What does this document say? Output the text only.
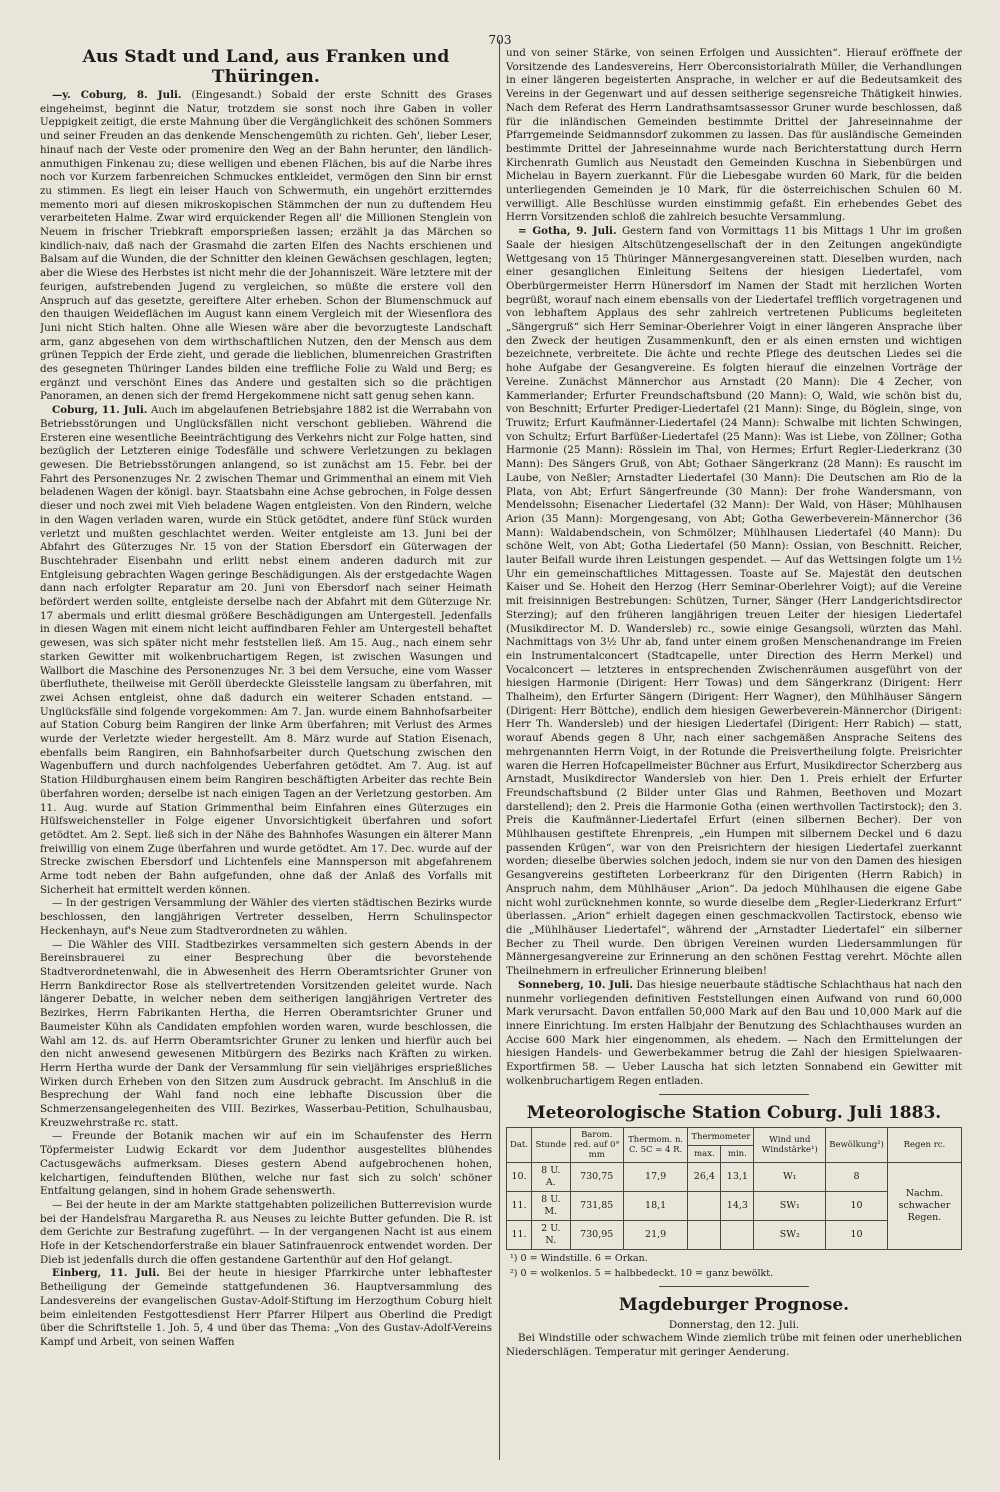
703
Aus Stadt und Land, aus Franken und Thüringen.

—y. Coburg, 8. Juli. (Eingesandt.) Sobald der erste Schnitt des Grases eingeheimst, beginnt die Natur, trotzdem sie sonst noch ihre Gaben in voller Ueppigkeit zeitigt, die erste Mahnung über die Vergänglichkeit des schönen Sommers und seiner Freuden an das denkende Menschengemüth zu richten. Geh', lieber Leser, hinauf nach der Veste oder promenire den Weg an der Bahn herunter, den ländlich-anmuthigen Finkenau zu; diese welligen und ebenen Flächen, bis auf die Narbe ihres noch vor Kurzem farbenreichen Schmuckes entkleidet, vermögen den Sinn bir ernst zu stimmen. Es liegt ein leiser Hauch von Schwermuth, ein ungehört erzitterndes memento mori auf diesen mikroskopischen Stämmchen der nun zu duftendem Heu verarbeiteten Halme. Zwar wird erquickender Regen all' die Millionen Stenglein von Neuem in frischer Triebkraft emporsprießen lassen; erzählt ja das Märchen so kindlich-naiv, daß nach der Grasmahd die zarten Elfen des Nachts erschienen und Balsam auf die Wunden, die der Schnitter den kleinen Gewächsen geschlagen, legten; aber die Wiese des Herbstes ist nicht mehr die der Johanniszeit. Wäre letztere mit der feurigen, aufstrebenden Jugend zu vergleichen, so müßte die erstere voll den Anspruch auf das gesetzte, gereiftere Alter erheben. Schon der Blumenschmuck auf den thauigen Weideflächen im August kann einem Vergleich mit der Wiesenflora des Juni nicht Stich halten. Ohne alle Wiesen wäre aber die bevorzugteste Landschaft arm, ganz abgesehen von dem wirthschaftlichen Nutzen, den der Mensch aus dem grünen Teppich der Erde zieht, und gerade die lieblichen, blumenreichen Grastriften des gesegneten Thüringer Landes bilden eine treffliche Folie zu Wald und Berg; es ergänzt und verschönt Eines das Andere und gestalten sich so die prächtigen Panoramen, an denen sich der fremd Hergekommene nicht satt genug sehen kann.

Coburg, 11. Juli. Auch im abgelaufenen Betriebsjahre 1882 ist die Werrabahn von Betriebsstörungen und Unglücksfällen nicht verschont geblieben. Während die Ersteren eine wesentliche Beeinträchtigung des Verkehrs nicht zur Folge hatten, sind bezüglich der Letzteren einige Todesfälle und schwere Verletzungen zu beklagen gewesen. Die Betriebsstörungen anlangend, so ist zunächst am 15. Febr. bei der Fahrt des Personenzuges Nr. 2 zwischen Themar und Grimmenthal an einem mit Vieh beladenen Wagen der königl. bayr. Staatsbahn eine Achse gebrochen, in Folge dessen dieser und noch zwei mit Vieh beladene Wagen entgleisten. Von den Rindern, welche in den Wagen verladen waren, wurde ein Stück getödtet, andere fünf Stück wurden verletzt und mußten geschlachtet werden. Weiter entgleiste am 13. Juni bei der Abfahrt des Güterzuges Nr. 15 von der Station Ebersdorf ein Güterwagen der Buschtehrader Eisenbahn und erlitt nebst einem anderen dadurch mit zur Entgleisung gebrachten Wagen geringe Beschädigungen. Als der erstgedachte Wagen dann nach erfolgter Reparatur am 20. Juni von Ebersdorf nach seiner Heimath befördert werden sollte, entgleiste derselbe nach der Abfahrt mit dem Güterzuge Nr. 17 abermals und erlitt diesmal größere Beschädigungen am Untergestell. Jedenfalls in diesen Wagen mit einem nicht leicht auffindbaren Fehler am Untergestell behaftet gewesen, was sich später nicht mehr feststellen ließ. Am 15. Aug., nach einem sehr starken Gewitter mit wolkenbruchartigem Regen, ist zwischen Wasungen und Wallbort die Maschine des Personenzuges Nr. 3 bei dem Versuche, eine vom Wasser überfluthete, theilweise mit Geröll überdeckte Gleisstelle langsam zu überfahren, mit zwei Achsen entgleist, ohne daß dadurch ein weiterer Schaden entstand. — Unglücksfälle sind folgende vorgekommen: Am 7. Jan. wurde einem Bahnhofsarbeiter auf Station Coburg beim Rangiren der linke Arm überfahren; mit Verlust des Armes wurde der Verletzte wieder hergestellt. Am 8. März wurde auf Station Eisenach, ebenfalls beim Rangiren, ein Bahnhofsarbeiter durch Quetschung zwischen den Wagenbuffern und durch nachfolgendes Ueberfahren getödtet. Am 7. Aug. ist auf Station Hildburghausen einem beim Rangiren beschäftigten Arbeiter das rechte Bein überfahren worden; derselbe ist nach einigen Tagen an der Verletzung gestorben. Am 11. Aug. wurde auf Station Grimmenthal beim Einfahren eines Güterzuges ein Hülfsweichensteller in Folge eigener Unvorsichtigkeit überfahren und sofort getödtet. Am 2. Sept. ließ sich in der Nähe des Bahnhofes Wasungen ein älterer Mann freiwillig von einem Zuge überfahren und wurde getödtet. Am 17. Dec. wurde auf der Strecke zwischen Ebersdorf und Lichtenfels eine Mannsperson mit abgefahrenem Arme todt neben der Bahn aufgefunden, ohne daß der Anlaß des Vorfalls mit Sicherheit hat ermittelt werden können.

— In der gestrigen Versammlung der Wähler des vierten städtischen Bezirks wurde beschlossen, den langjährigen Vertreter desselben, Herrn Schulinspector Heckenhayn, auf's Neue zum Stadtverordneten zu wählen.

— Die Wähler des VIII. Stadtbezirkes versammelten sich gestern Abends in der Bereinsbrauerei zu einer Besprechung über die bevorstehende Stadtverordnetenwahl, die in Abwesenheit des Herrn Oberamtsrichter Gruner von Herrn Bankdirector Rose als stellvertretenden Vorsitzenden geleitet wurde. Nach längerer Debatte, in welcher neben dem seitherigen langjährigen Vertreter des Bezirkes, Herrn Fabrikanten Hertha, die Herren Oberamtsrichter Gruner und Baumeister Kühn als Candidaten empfohlen worden waren, wurde beschlossen, die Wahl am 12. ds. auf Herrn Oberamtsrichter Gruner zu lenken und hierfür auch bei den nicht anwesend gewesenen Mitbürgern des Bezirks nach Kräften zu wirken. Herrn Hertha wurde der Dank der Versammlung für sein vieljähriges ersprießliches Wirken durch Erheben von den Sitzen zum Ausdruck gebracht. Im Anschluß in die Besprechung der Wahl fand noch eine lebhafte Discussion über die Schmerzensangelegenheiten des VIII. Bezirkes, Wasserbau-Petition, Schulhausbau, Kreuzwehrstraße rc. statt.

— Freunde der Botanik machen wir auf ein im Schaufenster des Herrn Töpfermeister Ludwig Eckardt vor dem Judenthor ausgestelltes blühendes Cactusgewächs aufmerksam. Dieses gestern Abend aufgebrochenen hohen, kelchartigen, feinduftenden Blüthen, welche nur fast sich zu solch' schöner Entfaltung gelangen, sind in hohem Grade sehenswerth.

— Bei der heute in der am Markte stattgehabten polizeilichen Butterrevision wurde bei der Handelsfrau Margaretha R. aus Neuses zu leichte Butter gefunden. Die R. ist dem Gerichte zur Bestrafung zugeführt. — In der vergangenen Nacht ist aus einem Hofe in der Ketschendorferstraße ein blauer Satinfrauenrock entwendet worden. Der Dieb ist jedenfalls durch die offen gestandene Gartenthür auf den Hof gelangt.

Einberg, 11. Juli. Bei der heute in hiesiger Pfarrkirche unter lebhaftester Betheiligung der Gemeinde stattgefundenen 36. Hauptversammlung des Landesvereins der evangelischen Gustav-Adolf-Stiftung im Herzogthum Coburg hielt beim einleitenden Festgottesdienst Herr Pfarrer Hilpert aus Oberlind die Predigt über die Schriftstelle 1. Joh. 5, 4 und über das Thema: „Von des Gustav-Adolf-Vereins Kampf und Arbeit, von seinen Waffen

und von seiner Stärke, von seinen Erfolgen und Aussichten“. Hierauf eröffnete der Vorsitzende des Landesvereins, Herr Oberconsistorialrath Müller, die Verhandlungen in einer längeren begeisterten Ansprache, in welcher er auf die Bedeutsamkeit des Vereins in der Gegenwart und auf dessen seitherige segensreiche Thätigkeit hinwies. Nach dem Referat des Herrn Landrathsamtsassessor Gruner wurde beschlossen, daß für die inländischen Gemeinden bestimmte Drittel der Jahreseinnahme der Pfarrgemeinde Seidmannsdorf zukommen zu lassen. Das für ausländische Gemeinden bestimmte Drittel der Jahreseinnahme wurde nach Berichterstattung durch Herrn Kirchenrath Gumlich aus Neustadt den Gemeinden Kuschna in Siebenbürgen und Michelau in Bayern zuerkannt. Für die Liebesgabe wurden 60 Mark, für die beiden unterliegenden Gemeinden je 10 Mark, für die österreichischen Schulen 60 M. verwilligt. Alle Beschlüsse wurden einstimmig gefaßt. Ein erhebendes Gebet des Herrn Vorsitzenden schloß die zahlreich besuchte Versammlung.

= Gotha, 9. Juli. Gestern fand von Vormittags 11 bis Mittags 1 Uhr im großen Saale der hiesigen Altschützengesellschaft der in den Zeitungen angekündigte Wettgesang von 15 Thüringer Männergesangvereinen statt. Dieselben wurden, nach einer gesanglichen Einleitung Seitens der hiesigen Liedertafel, vom Oberbürgermeister Herrn Hünersdorf im Namen der Stadt mit herzlichen Worten begrüßt, worauf nach einem ebensalls von der Liedertafel trefflich vorgetragenen und von lebhaftem Applaus des sehr zahlreich vertretenen Publicums begleiteten „Sängergruß“ sich Herr Seminar-Oberlehrer Voigt in einer längeren Ansprache über den Zweck der heutigen Zusammenkunft, den er als einen ernsten und wichtigen bezeichnete, verbreitete. Die ächte und rechte Pflege des deutschen Liedes sei die hohe Aufgabe der Gesangvereine. Es folgten hierauf die einzelnen Vorträge der Vereine. Zunächst Männerchor aus Arnstadt (20 Mann): Die 4 Zecher, von Kammerlander; Erfurter Freundschaftsbund (20 Mann): O, Wald, wie schön bist du, von Beschnitt; Erfurter Prediger-Liedertafel (21 Mann): Singe, du Böglein, singe, von Truwitz; Erfurt Kaufmänner-Liedertafel (24 Mann): Schwalbe mit lichten Schwingen, von Schultz; Erfurt Barfüßer-Liedertafel (25 Mann): Was ist Liebe, von Zöllner; Gotha Harmonie (25 Mann): Rösslein im Thal, von Hermes; Erfurt Regler-Liederkranz (30 Mann): Des Sängers Gruß, von Abt; Gothaer Sängerkranz (28 Mann): Es rauscht im Laube, von Neßler; Arnstadter Liedertafel (30 Mann): Die Deutschen am Rio de la Plata, von Abt; Erfurt Sängerfreunde (30 Mann): Der frohe Wandersmann, von Mendelssohn; Eisenacher Liedertafel (32 Mann): Der Wald, von Häser; Mühlhausen Arion (35 Mann): Morgengesang, von Abt; Gotha Gewerbeverein-Männerchor (36 Mann): Waldabendschein, von Schmölzer; Mühlhausen Liedertafel (40 Mann): Du schöne Welt, von Abt; Gotha Liedertafel (50 Mann): Ossian, von Beschnitt. Reicher, lauter Beifall wurde ihren Leistungen gespendet. — Auf das Wettsingen folgte um 1½ Uhr ein gemeinschaftliches Mittagessen. Toaste auf Se. Majestät den deutschen Kaiser und Se. Hoheit den Herzog (Herr Seminar-Oberlehrer Voigt); auf die Vereine mit freisinnigen Bestrebungen: Schützen, Turner, Sänger (Herr Landgerichtsdirector Sterzing); auf den früheren langjährigen treuen Leiter der hiesigen Liedertafel (Musikdirector M. D. Wandersleb) rc., sowie einige Gesangsoli, würzten das Mahl. Nachmittags von 3½ Uhr ab, fand unter einem großen Menschenandrange im Freien ein Instrumentalconcert (Stadtcapelle, unter Direction des Herrn Merkel) und Vocalconcert — letzteres in entsprechenden Zwischenräumen ausgeführt von der hiesigen Harmonie (Dirigent: Herr Towas) und dem Sängerkranz (Dirigent: Herr Thalheim), den Erfurter Sängern (Dirigent: Herr Wagner), den Mühlhäuser Sängern (Dirigent: Herr Böttche), endlich dem hiesigen Gewerbeverein-Männerchor (Dirigent: Herr Th. Wandersleb) und der hiesigen Liedertafel (Dirigent: Herr Rabich) — statt, worauf Abends gegen 8 Uhr, nach einer sachgemäßen Ansprache Seitens des mehrgenannten Herrn Voigt, in der Rotunde die Preisvertheilung folgte. Preisrichter waren die Herren Hofcapellmeister Büchner aus Erfurt, Musikdirector Scherzberg aus Arnstadt, Musikdirector Wandersleb von hier. Den 1. Preis erhielt der Erfurter Freundschaftsbund (2 Bilder unter Glas und Rahmen, Beethoven und Mozart darstellend); den 2. Preis die Harmonie Gotha (einen werthvollen Tactirstock); den 3. Preis die Kaufmänner-Liedertafel Erfurt (einen silbernen Becher). Der von Mühlhausen gestiftete Ehrenpreis, „ein Humpen mit silbernem Deckel und 6 dazu passenden Krügen“, war von den Preisrichtern der hiesigen Liedertafel zuerkannt worden; dieselbe überwies solchen jedoch, indem sie nur von den Damen des hiesigen Gesangvereins gestifteten Lorbeerkranz für den Dirigenten (Herrn Rabich) in Anspruch nahm, dem Mühlhäuser „Arion“. Da jedoch Mühlhausen die eigene Gabe nicht wohl zurücknehmen konnte, so wurde dieselbe dem „Regler-Liederkranz Erfurt“ überlassen. „Arion“ erhielt dagegen einen geschmackvollen Tactirstock, ebenso wie die „Mühlhäuser Liedertafel“, während der „Arnstadter Liedertafel“ ein silberner Becher zu Theil wurde. Den übrigen Vereinen wurden Liedersammlungen für Männergesangvereine zur Erinnerung an den schönen Festtag verehrt. Möchte allen Theilnehmern in erfreulicher Erinnerung bleiben!

Sonneberg, 10. Juli. Das hiesige neuerbaute städtische Schlachthaus hat nach den nunmehr vorliegenden definitiven Feststellungen einen Aufwand von rund 60,000 Mark verursacht. Davon entfallen 50,000 Mark auf den Bau und 10,000 Mark auf die innere Einrichtung. Im ersten Halbjahr der Benutzung des Schlachthauses wurden an Accise 600 Mark hier eingenommen, als ehedem. — Nach den Ermittelungen der hiesigen Handels- und Gewerbekammer betrug die Zahl der hiesigen Spielwaaren-Exportfirmen 58. — Ueber Lauscha hat sich letzten Sonnabend ein Gewitter mit wolkenbruchartigem Regen entladen.

Meteorologische Station Coburg. Juli 1883.
Dat.	Stunde	Barom. red. auf 0° mm	Thermom. n. C. 5C = 4 R.	Thermometer		Wind und Windstärke¹)	Bewölkung²)	Regen rc.
				max.	min.			
10.	8 U. A.	730,75	17,9	26,4	13,1	W₁	8	Nachm. schwacher Regen.
11.	8 U. M.	731,85	18,1		14,3	SW₁	10	
11.	2 U. N.	730,95	21,9			SW₂	10	
¹) 0 = Windstille. 6 = Orkan.
²) 0 = wolkenlos. 5 = halbbedeckt. 10 = ganz bewölkt.
Magdeburger Prognose.

Donnerstag, den 12. Juli.

Bei Windstille oder schwachem Winde ziemlich trübe mit feinen oder unerheblichen Niederschlägen. Temperatur mit geringer Aenderung.
